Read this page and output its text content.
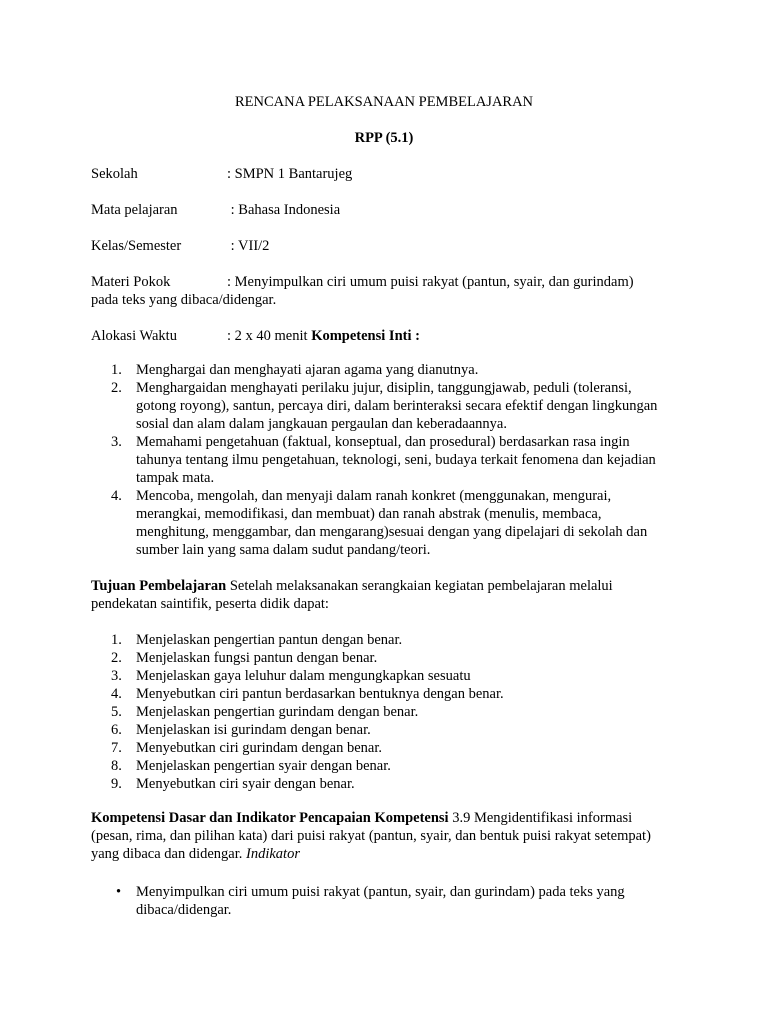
RENCANA PELAKSANAAN PEMBELAJARAN
RPP (5.1)
Sekolah	: SMPN 1 Bantarujeg
Mata pelajaran	: Bahasa Indonesia
Kelas/Semester	: VII/2
Materi Pokok	: Menyimpulkan ciri umum puisi rakyat (pantun, syair, dan gurindam)
pada teks yang dibaca/didengar.
Alokasi Waktu	: 2 x 40 menit Kompetensi Inti :
1. Menghargai dan menghayati ajaran agama yang dianutnya.
2. Menghargaidan menghayati perilaku jujur, disiplin, tanggungjawab, peduli (toleransi,
gotong royong), santun, percaya diri, dalam berinteraksi secara efektif dengan lingkungan
sosial dan alam dalam jangkauan pergaulan dan keberadaannya.
3. Memahami pengetahuan (faktual, konseptual, dan prosedural) berdasarkan rasa ingin
tahunya tentang ilmu pengetahuan, teknologi, seni, budaya terkait fenomena dan kejadian
tampak mata.
4. Mencoba, mengolah, dan menyaji dalam ranah konkret (menggunakan, mengurai,
merangkai, memodifikasi, dan membuat) dan ranah abstrak (menulis, membaca,
menghitung, menggambar, dan mengarang)sesuai dengan yang dipelajari di sekolah dan
sumber lain yang sama dalam sudut pandang/teori.
Tujuan Pembelajaran Setelah melaksanakan serangkaian kegiatan pembelajaran melalui
pendekatan saintifik, peserta didik dapat:
1. Menjelaskan pengertian pantun dengan benar.
2. Menjelaskan fungsi pantun dengan benar.
3. Menjelaskan gaya leluhur dalam mengungkapkan sesuatu
4. Menyebutkan ciri pantun berdasarkan bentuknya dengan benar.
5. Menjelaskan pengertian gurindam dengan benar.
6. Menjelaskan isi gurindam dengan benar.
7. Menyebutkan ciri gurindam dengan benar.
8. Menjelaskan pengertian syair dengan benar.
9. Menyebutkan ciri syair dengan benar.
Kompetensi Dasar dan Indikator Pencapaian Kompetensi 3.9 Mengidentifikasi informasi
(pesan, rima, dan pilihan kata) dari puisi rakyat (pantun, syair, dan bentuk puisi rakyat setempat)
yang dibaca dan didengar. Indikator
• Menyimpulkan ciri umum puisi rakyat (pantun, syair, dan gurindam) pada teks yang
dibaca/didengar.
